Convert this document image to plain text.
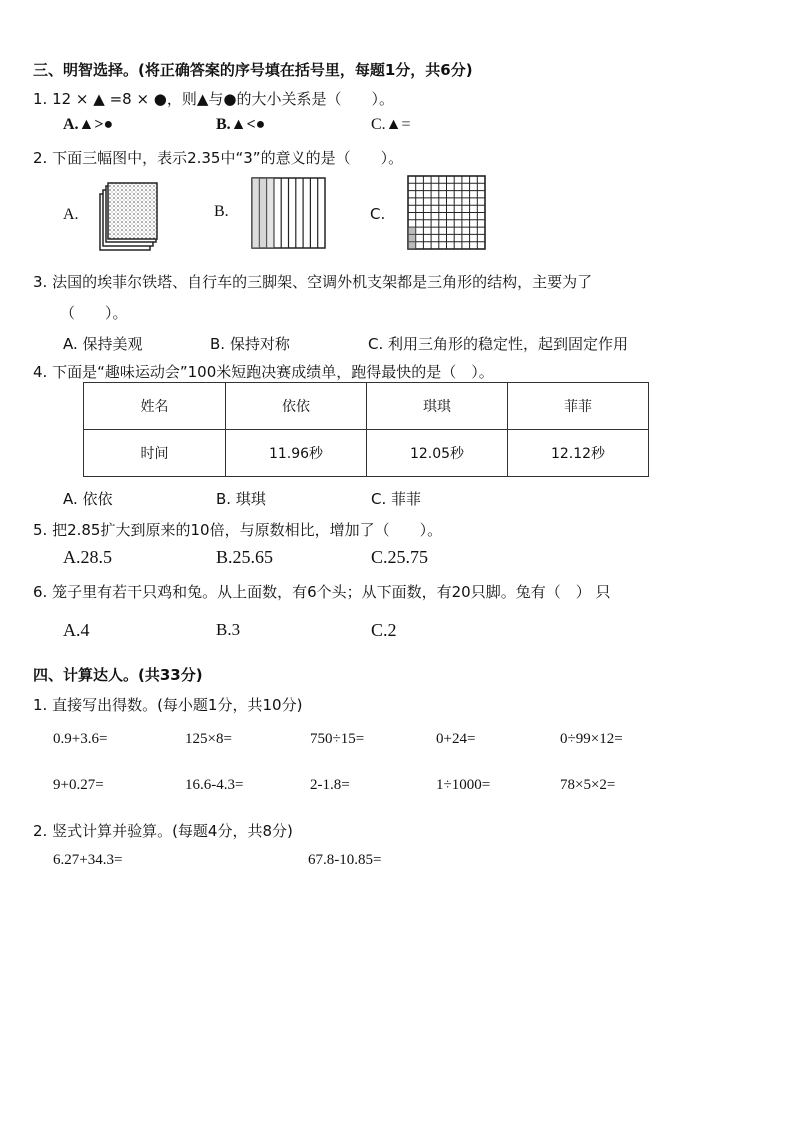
三、明智选择。(将正确答案的序号填在括号里，每题1分，共6分)
1. 12 × ▲ =8 × ●，则▲与●的大小关系是（　　）。
A.▲>●	B.▲<●	C.▲=
2. 下面三幅图中，表示2.35中“3”的意义的是（　　）。
A.	B.	C.
3. 法国的埃菲尔铁塔、自行车的三脚架、空调外机支架都是三角形的结构，主要为了
（　　）。
A. 保持美观	B. 保持对称	C. 利用三角形的稳定性，起到固定作用
4. 下面是“趣味运动会”100米短跑决赛成绩单，跑得最快的是（　）。
姓名	依依	琪琪	菲菲
时间	11.96秒	12.05秒	12.12秒
A. 依依	B. 琪琪	C. 菲菲
5. 把2.85扩大到原来的10倍，与原数相比，增加了（　　）。
A.28.5	B.25.65	C.25.75
6. 笼子里有若干只鸡和兔。从上面数，有6个头；从下面数，有20只脚。兔有（　） 只
A.4	B.3	C.2
四、计算达人。(共33分)
1. 直接写出得数。(每小题1分，共10分)
0.9+3.6=	125×8=	750÷15=	0+24=	0÷99×12=
9+0.27=	16.6-4.3=	2-1.8=	1÷1000=	78×5×2=
2. 竖式计算并验算。(每题4分，共8分)
6.27+34.3=	67.8-10.85=
